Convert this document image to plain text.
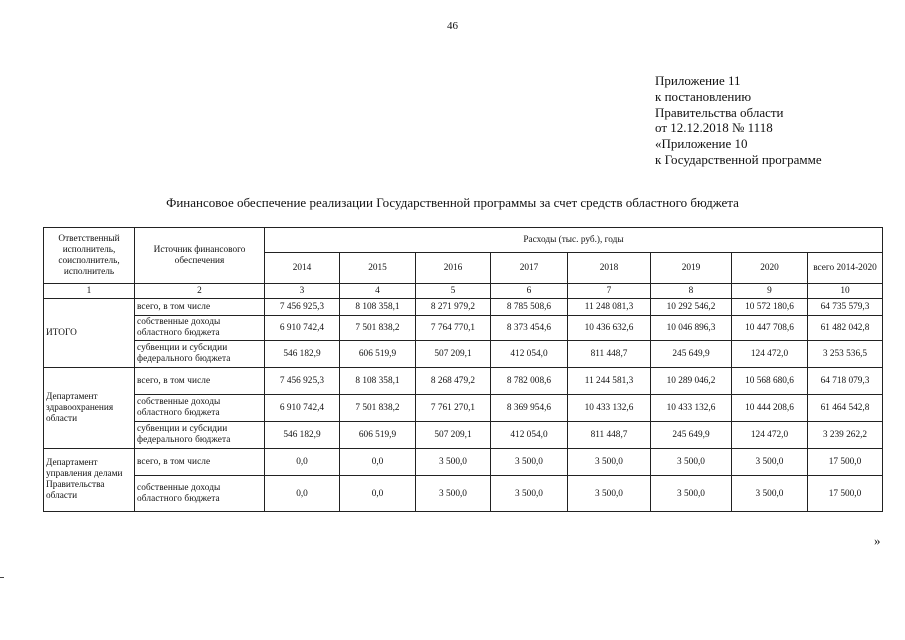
46
Приложение 11
к постановлению
Правительства области
от 12.12.2018 № 1118
«Приложение 10
к Государственной программе
Финансовое обеспечение реализации Государственной программы за счет средств областного бюджета
Ответственный исполнитель, соисполнитель, исполнитель	Источник финансового обеспечения	Расходы (тыс. руб.), годы							
		2014	2015	2016	2017	2018	2019	2020	всего 2014-2020
1	2	3	4	5	6	7	8	9	10
ИТОГО	всего, в том числе	7 456 925,3	8 108 358,1	8 271 979,2	8 785 508,6	11 248 081,3	10 292 546,2	10 572 180,6	64 735 579,3
	собственные доходы областного бюджета	6 910 742,4	7 501 838,2	7 764 770,1	8 373 454,6	10 436 632,6	10 046 896,3	10 447 708,6	61 482 042,8
	субвенции и субсидии федерального бюджета	546 182,9	606 519,9	507 209,1	412 054,0	811 448,7	245 649,9	124 472,0	3 253 536,5
Департамент здравоохранения области	всего, в том числе	7 456 925,3	8 108 358,1	8 268 479,2	8 782 008,6	11 244 581,3	10 289 046,2	10 568 680,6	64 718 079,3
	собственные доходы областного бюджета	6 910 742,4	7 501 838,2	7 761 270,1	8 369 954,6	10 433 132,6	10 433 132,6	10 444 208,6	61 464 542,8
	субвенции и субсидии федерального бюджета	546 182,9	606 519,9	507 209,1	412 054,0	811 448,7	245 649,9	124 472,0	3 239 262,2
Департамент управления делами Правительства области	всего, в том числе	0,0	0,0	3 500,0	3 500,0	3 500,0	3 500,0	3 500,0	17 500,0
	собственные доходы областного бюджета	0,0	0,0	3 500,0	3 500,0	3 500,0	3 500,0	3 500,0	17 500,0
»
